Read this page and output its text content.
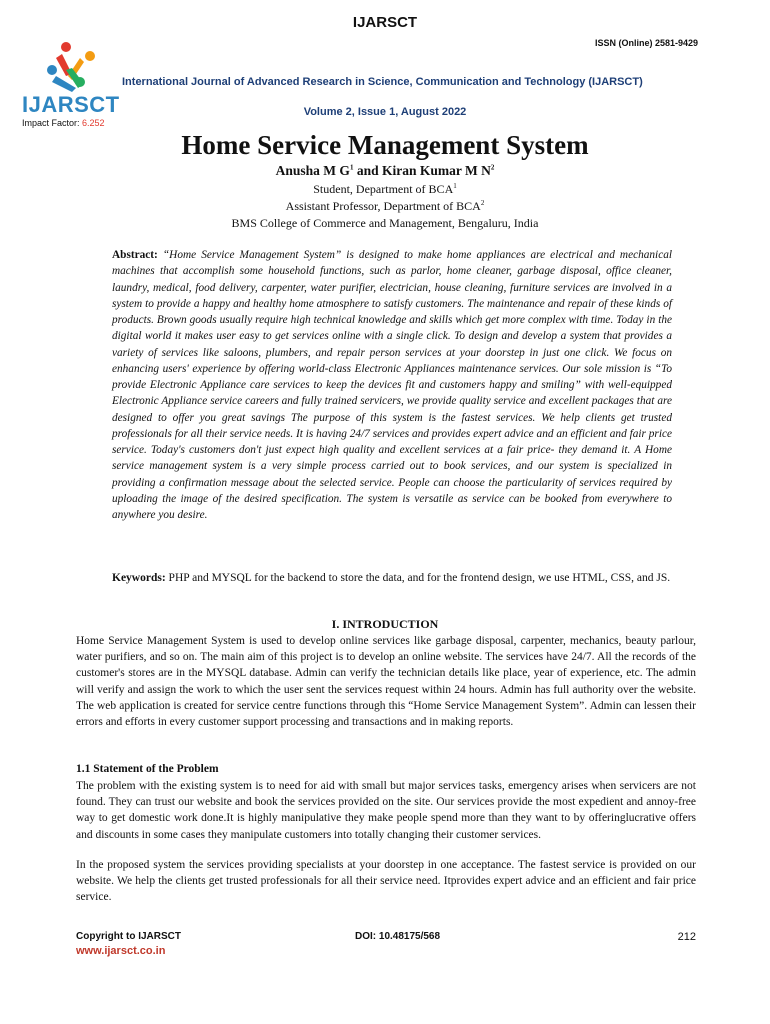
IJARSCT
Impact Factor: 6.252
IJARSCT
ISSN (Online) 2581-9429
International Journal of Advanced Research in Science, Communication and Technology (IJARSCT)
Volume 2, Issue 1, August 2022
Home Service Management System
Anusha M $G^1$ and Kiran Kumar M $N^2$
Student, Department of BCA$^1$
Assistant Professor, Department of BCA$^2$
BMS College of Commerce and Management, Bengaluru, India
Abstract: “Home Service Management System” is designed to make home appliances are electrical and mechanical machines that accomplish some household functions, such as parlor, home cleaner, garbage disposal, office cleaner, laundry, medical, food delivery, carpenter, water purifier, electrician, house cleaning, furniture services are involved in a system to provide a happy and healthy home atmosphere to satisfy customers. The maintenance and repair of these kinds of products. Brown goods usually require high technical knowledge and skills which get more complex with time. Today in the digital world it makes user easy to get services online with a single click. To design and develop a system that provides a variety of services like saloons, plumbers, and repair person services at your doorstep in just one click. We focus on enhancing users' experience by offering world-class Electronic Appliances maintenance services. Our sole mission is “To provide Electronic Appliance care services to keep the devices fit and customers happy and smiling” with well-equipped Electronic Appliance service careers and fully trained servicers, we provide quality service and excellent packages that are designed to offer you great savings The purpose of this system is the fastest services. We help clients get trusted professionals for all their service needs. It is having 24/7 services and provides expert advice and an efficient and fair price service. Today's customers don't just expect high quality and excellent services at a fair price- they demand it. A Home service management system is a very simple process carried out to book services, and our system is specialized in providing a confirmation message about the selected service. People can choose the particularity of services required by uploading the image of the desired specification. The system is versatile as service can be booked from everywhere to anywhere you desire.
Keywords: PHP and MYSQL for the backend to store the data, and for the frontend design, we use HTML, CSS, and JS.
I. INTRODUCTION
Home Service Management System is used to develop online services like garbage disposal, carpenter, mechanics, beauty parlour, water purifiers, and so on. The main aim of this project is to develop an online website. The services have 24/7. All the records of the customer's stores are in the MYSQL database. Admin can verify the technician details like place, year of experience, etc. The admin will verify and assign the work to which the user sent the services request within 24 hours. Admin has full authority over the website. The web application is created for service centre functions through this “Home Service Management System”. Admin can lessen their errors and efforts in every customer support processing and transactions and in making reports.
1.1 Statement of the Problem
The problem with the existing system is to need for aid with small but major services tasks, emergency arises when servicers are not found. They can trust our website and book the services provided on the site. Our services provide the most expedient and annoy-free way to get domestic work done.It is highly manipulative they make people spend more than they want to by offeringlucrative offers and discounts in some cases they manipulate customers into totally changing their customer services.
In the proposed system the services providing specialists at your doorstep in one acceptance. The fastest service is provided on our website. We help the clients get trusted professionals for all their service need. Itprovides expert advice and an efficient and fair price service.
Copyright to IJARSCT
www.ijarsct.co.in
DOI: 10.48175/568	212
